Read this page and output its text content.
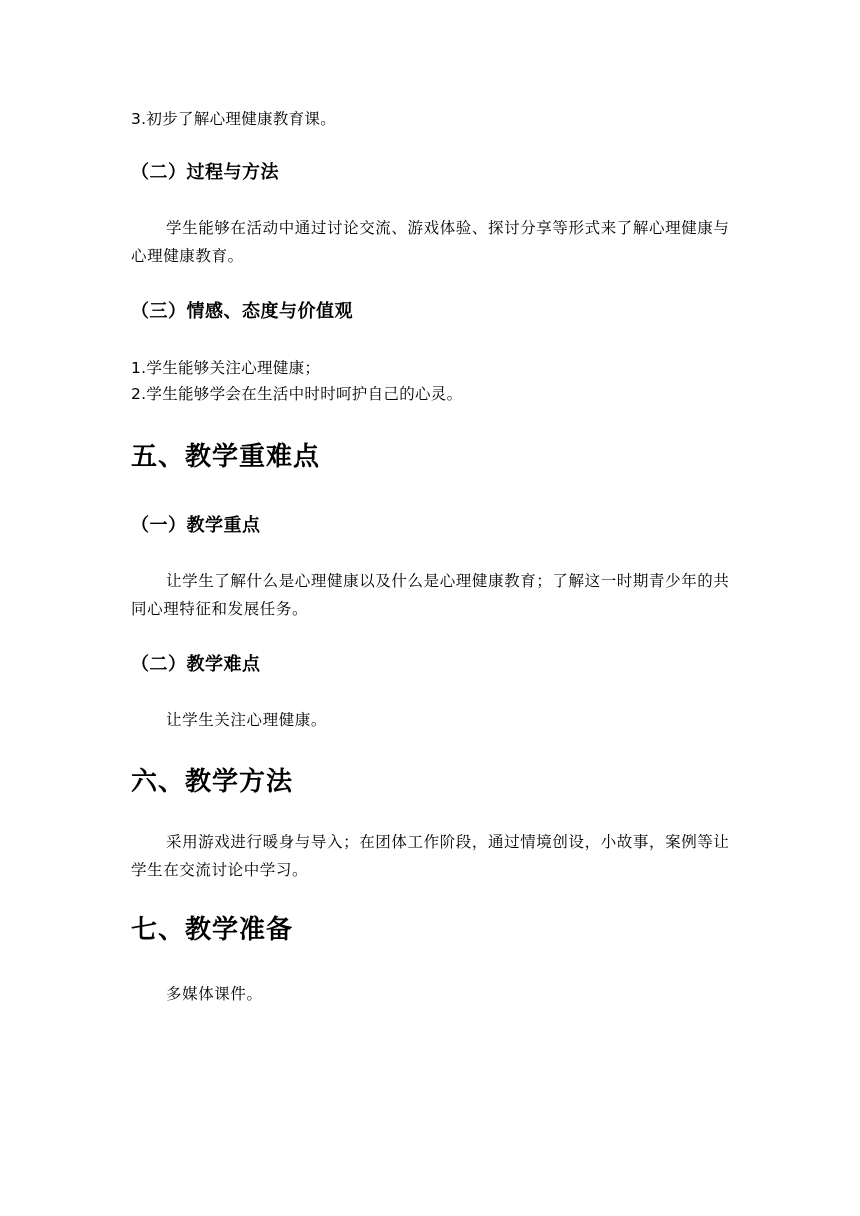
3.初步了解心理健康教育课。

（二）过程与方法

学生能够在活动中通过讨论交流、游戏体验、探讨分享等形式来了解心理健康与心理健康教育。

（三）情感、态度与价值观
1.学生能够关注心理健康；
2.学生能够学会在生活中时时呵护自己的心灵。
五、教学重难点
（一）教学重点

让学生了解什么是心理健康以及什么是心理健康教育；了解这一时期青少年的共同心理特征和发展任务。

（二）教学难点

让学生关注心理健康。

六、教学方法

采用游戏进行暖身与导入；在团体工作阶段，通过情境创设，小故事，案例等让学生在交流讨论中学习。

七、教学准备

多媒体课件。
